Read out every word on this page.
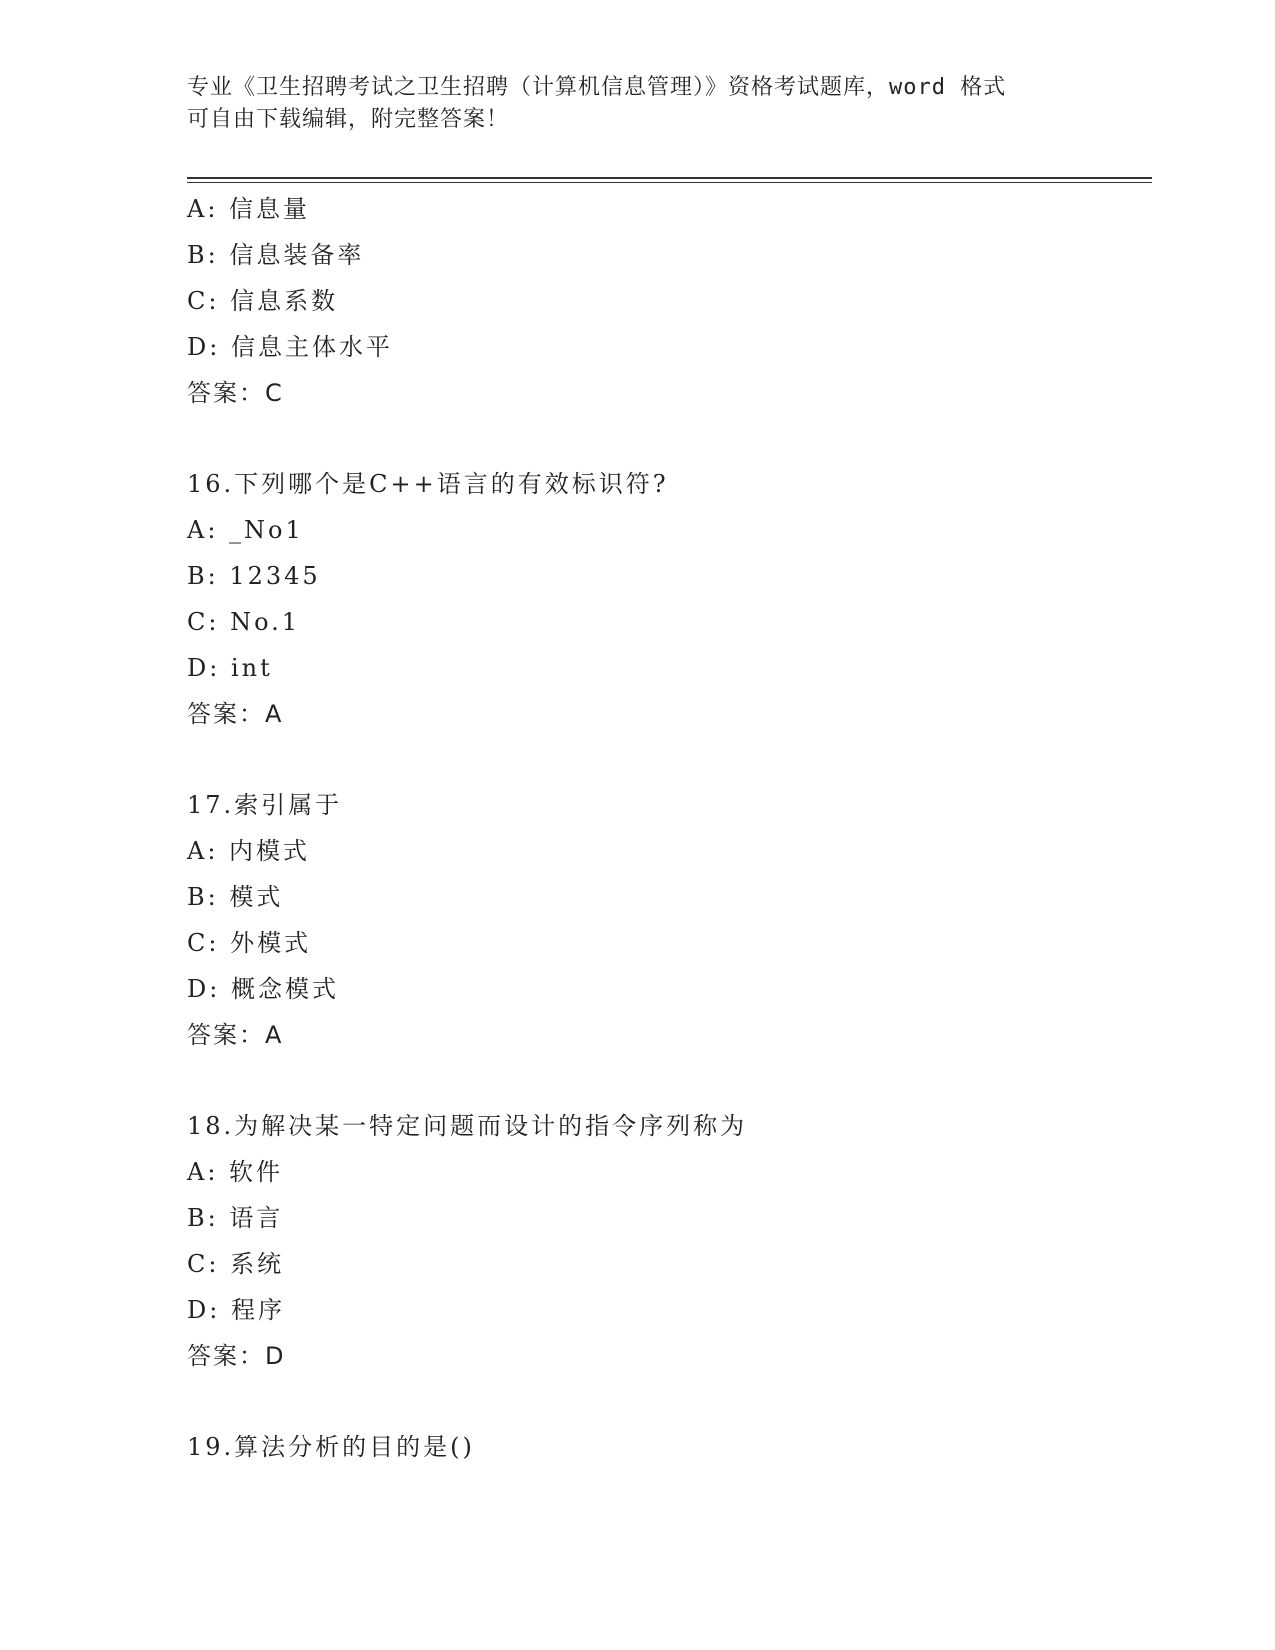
专业《卫生招聘考试之卫生招聘（计算机信息管理）》资格考试题库，word 格式
可自由下载编辑，附完整答案！
A: 信息量
B: 信息装备率
C: 信息系数
D: 信息主体水平
答案：C
16.下列哪个是C++语言的有效标识符?
A: _No1
B: 12345
C: No.1
D: int
答案：A
17.索引属于
A: 内模式
B: 模式
C: 外模式
D: 概念模式
答案：A
18.为解决某一特定问题而设计的指令序列称为
A: 软件
B: 语言
C: 系统
D: 程序
答案：D
19.算法分析的目的是()
